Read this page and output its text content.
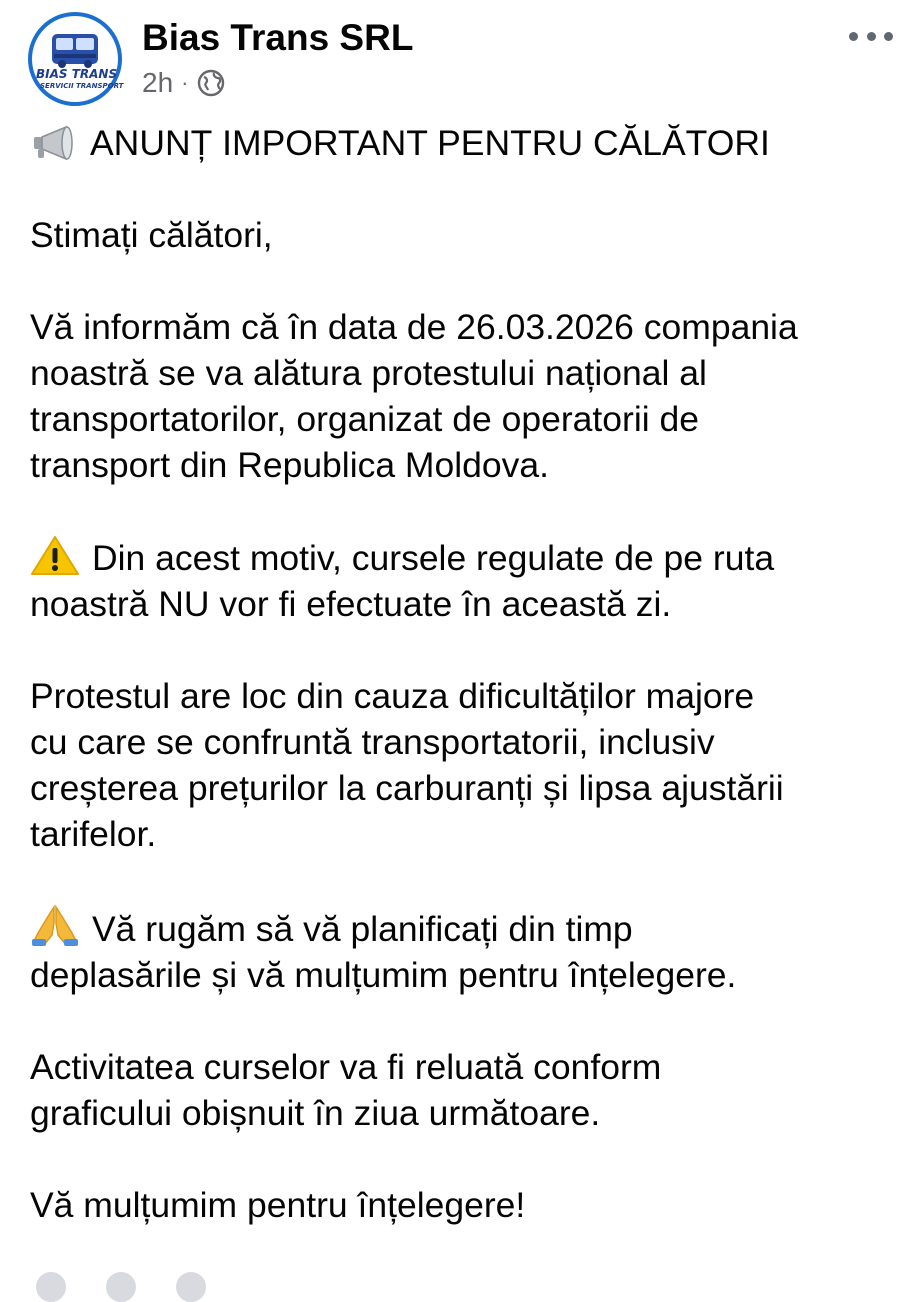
BIAS TRANS
SERVICII TRANSPORT
Bias Trans SRL
2h ·

ANUNȚ IMPORTANT PENTRU CĂLĂTORI

Stimați călători,

Vă informăm că în data de 26.03.2026 compania
noastră se va alătura protestului național al
transportatorilor, organizat de operatorii de
transport din Republica Moldova.

Din acest motiv, cursele regulate de pe ruta
noastră NU vor fi efectuate în această zi.

Protestul are loc din cauza dificultăților majore
cu care se confruntă transportatorii, inclusiv
creșterea prețurilor la carburanți și lipsa ajustării
tarifelor.

Vă rugăm să vă planificați din timp
deplasările și vă mulțumim pentru înțelegere.

Activitatea curselor va fi reluată conform
graficului obișnuit în ziua următoare.

Vă mulțumim pentru înțelegere!
